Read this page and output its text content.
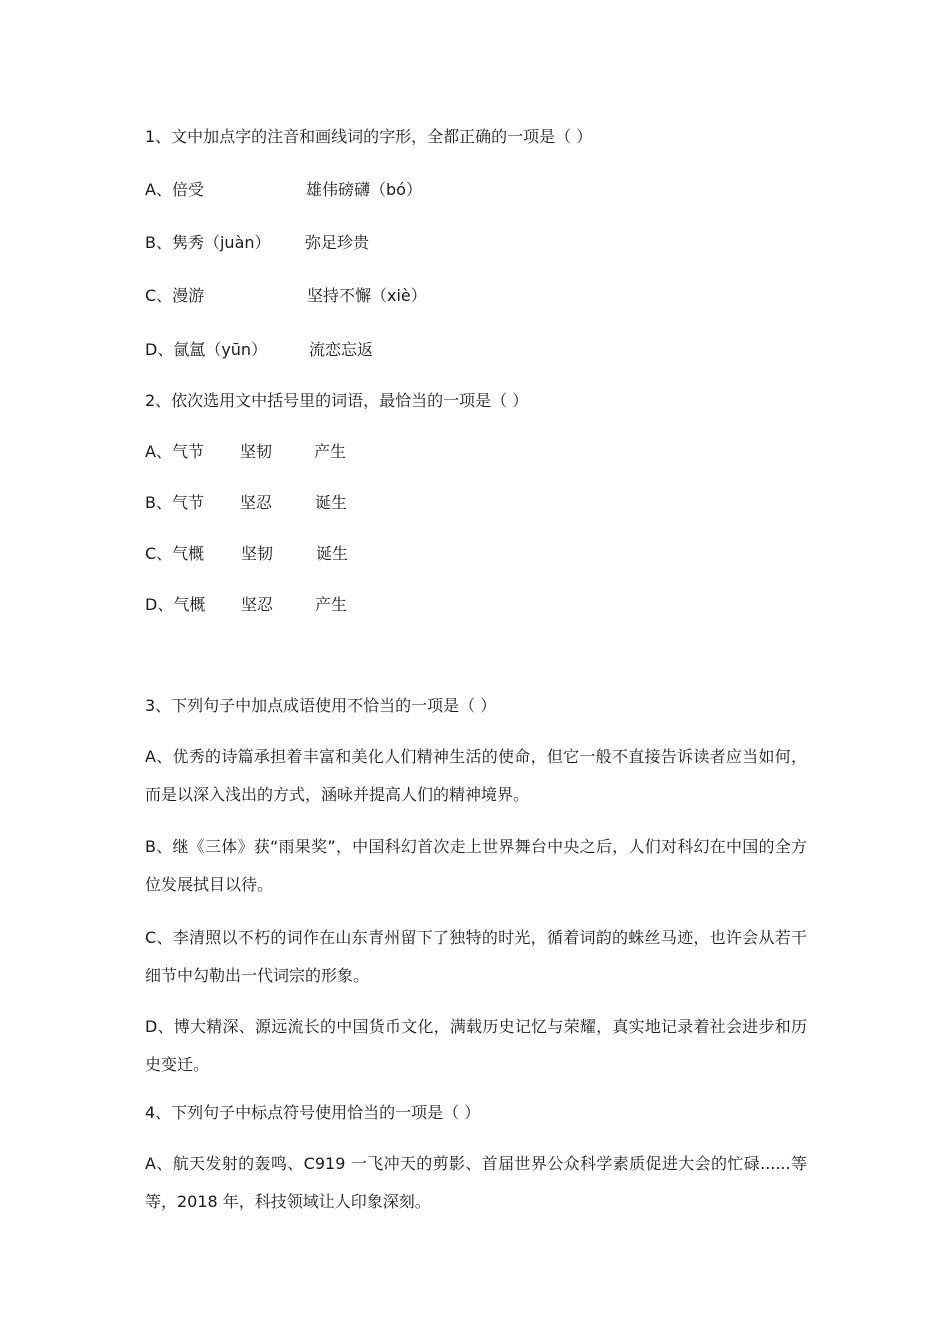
1、文中加点字的注音和画线词的字形，全都正确的一项是（ ）
A、倍受	雄伟磅礴（bó）
B、隽秀（juàn） 弥足珍贵
C、漫游	坚持不懈（xiè）
D、氤氲（yūn）	流恋忘返
2、依次选用文中括号里的词语，最恰当的一项是（ ）
A、气节 坚韧	产生
B、气节 坚忍	诞生
C、气概 坚韧	诞生
D、气概 坚忍	产生
3、下列句子中加点成语使用不恰当的一项是（ ）
A、优秀的诗篇承担着丰富和美化人们精神生活的使命，但它一般不直接告诉读者应当如何，而是以深入浅出的方式，涵咏并提高人们的精神境界。
B、继《三体》获“雨果奖”，中国科幻首次走上世界舞台中央之后，人们对科幻在中国的全方位发展拭目以待。
C、李清照以不朽的词作在山东青州留下了独特的时光，循着词韵的蛛丝马迹，也许会从若干细节中勾勒出一代词宗的形象。
D、博大精深、源远流长的中国货币文化，满载历史记忆与荣耀，真实地记录着社会进步和历史变迁。
4、下列句子中标点符号使用恰当的一项是（ ）
A、航天发射的轰鸣、C919 一飞冲天的剪影、首届世界公众科学素质促进大会的忙碌......等等，2018 年，科技领域让人印象深刻。
